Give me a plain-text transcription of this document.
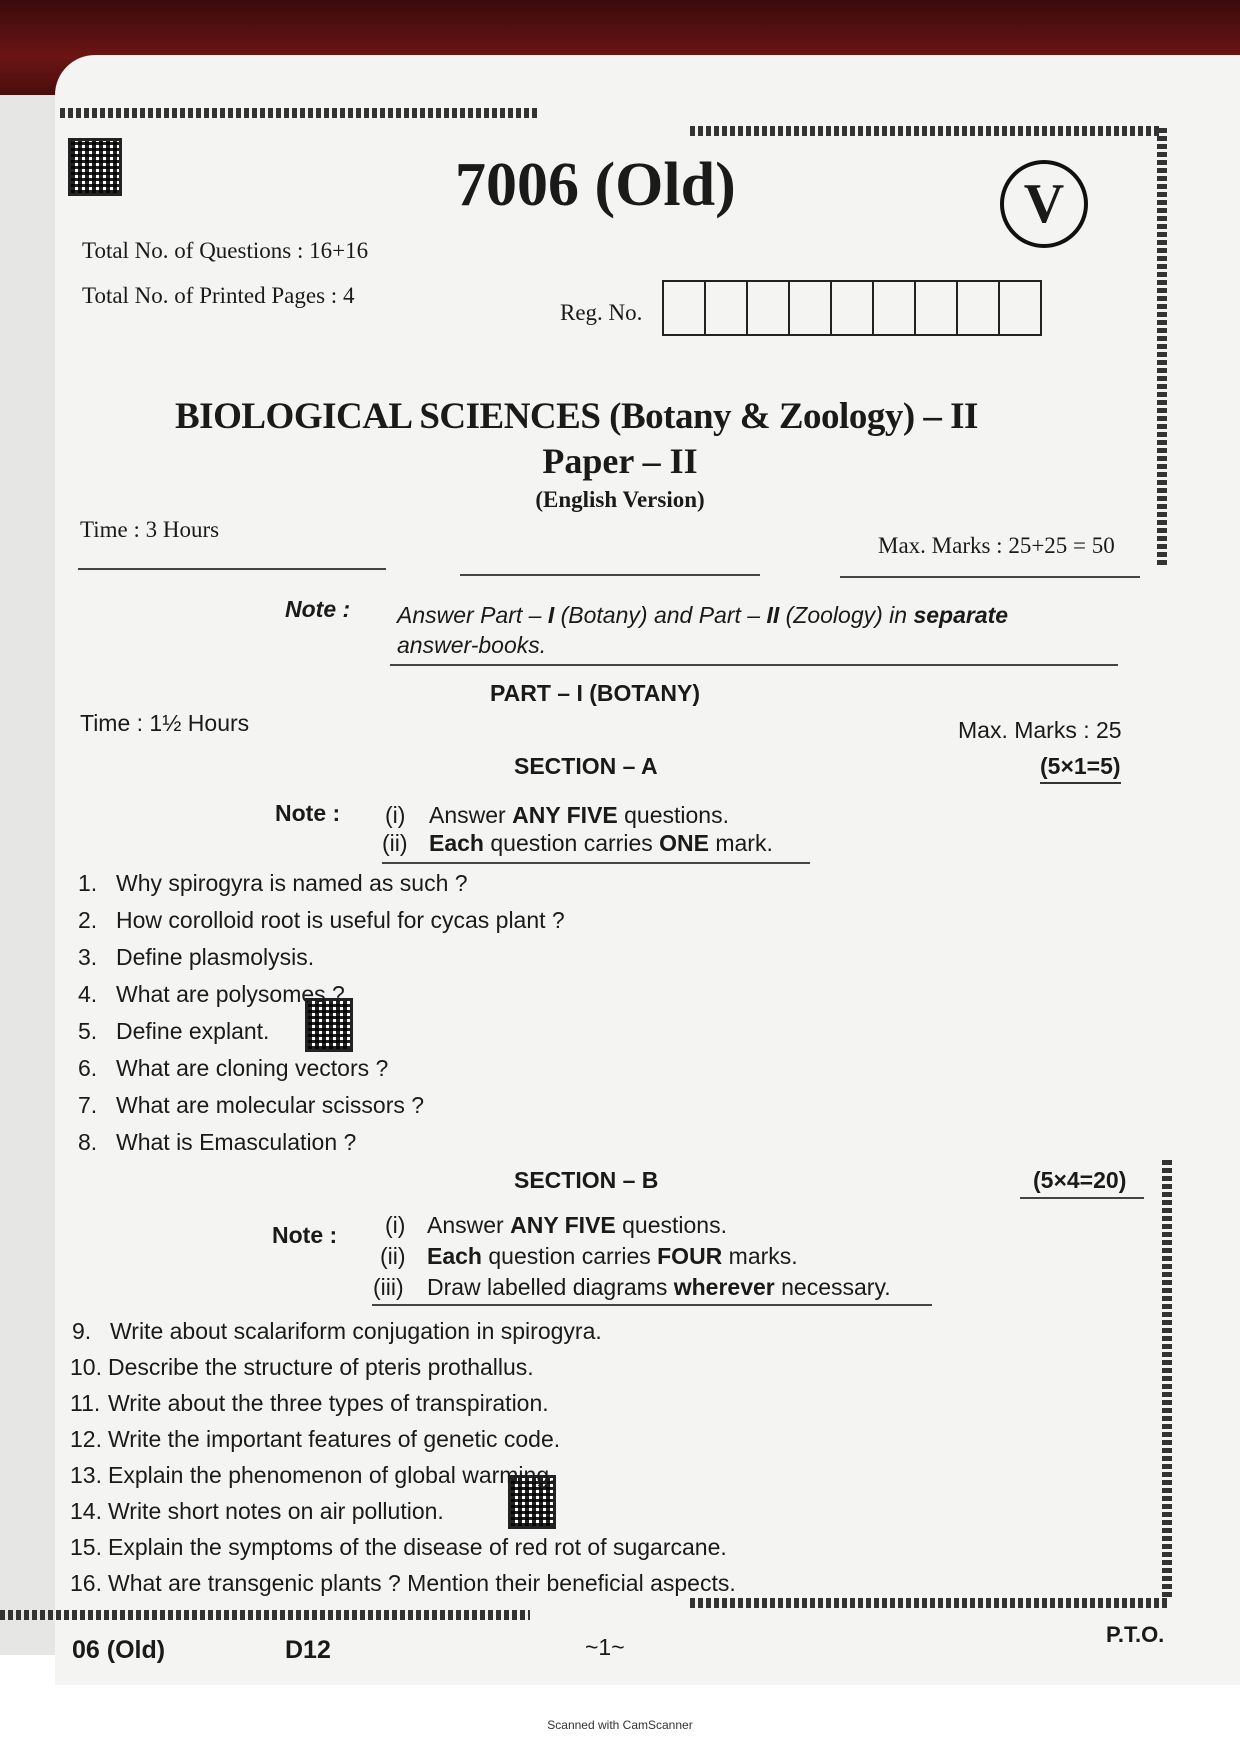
7006 (Old)	V
Total No. of Questions : 16+16
Total No. of Printed Pages : 4
Reg. No.
BIOLOGICAL SCIENCES (Botany & Zoology) – II
Paper – II
(English Version)
Time : 3 Hours
Max. Marks : 25+25 = 50
Note : Answer Part – I (Botany) and Part – II (Zoology) in separate
answer-books.
PART – I (BOTANY)
Time : 1½ Hours	Max. Marks : 25
SECTION – A	(5×1=5)
Note : (i) Answer ANY FIVE questions.
(ii) Each question carries ONE mark.
1. Why spirogyra is named as such ?
2. How corolloid root is useful for cycas plant ?
3. Define plasmolysis.
4. What are polysomes ?
5. Define explant.
6. What are cloning vectors ?
7. What are molecular scissors ?
8. What is Emasculation ?
SECTION – B	(5×4=20)
Note : (i) Answer ANY FIVE questions.
(ii) Each question carries FOUR marks.
(iii) Draw labelled diagrams wherever necessary.
9. Write about scalariform conjugation in spirogyra.
10. Describe the structure of pteris prothallus.
11. Write about the three types of transpiration.
12. Write the important features of genetic code.
13. Explain the phenomenon of global warming.
14. Write short notes on air pollution.
15. Explain the symptoms of the disease of red rot of sugarcane.
16. What are transgenic plants ? Mention their beneficial aspects.
06 (Old)	D12	~1~	P.T.O.
Scanned with CamScanner
